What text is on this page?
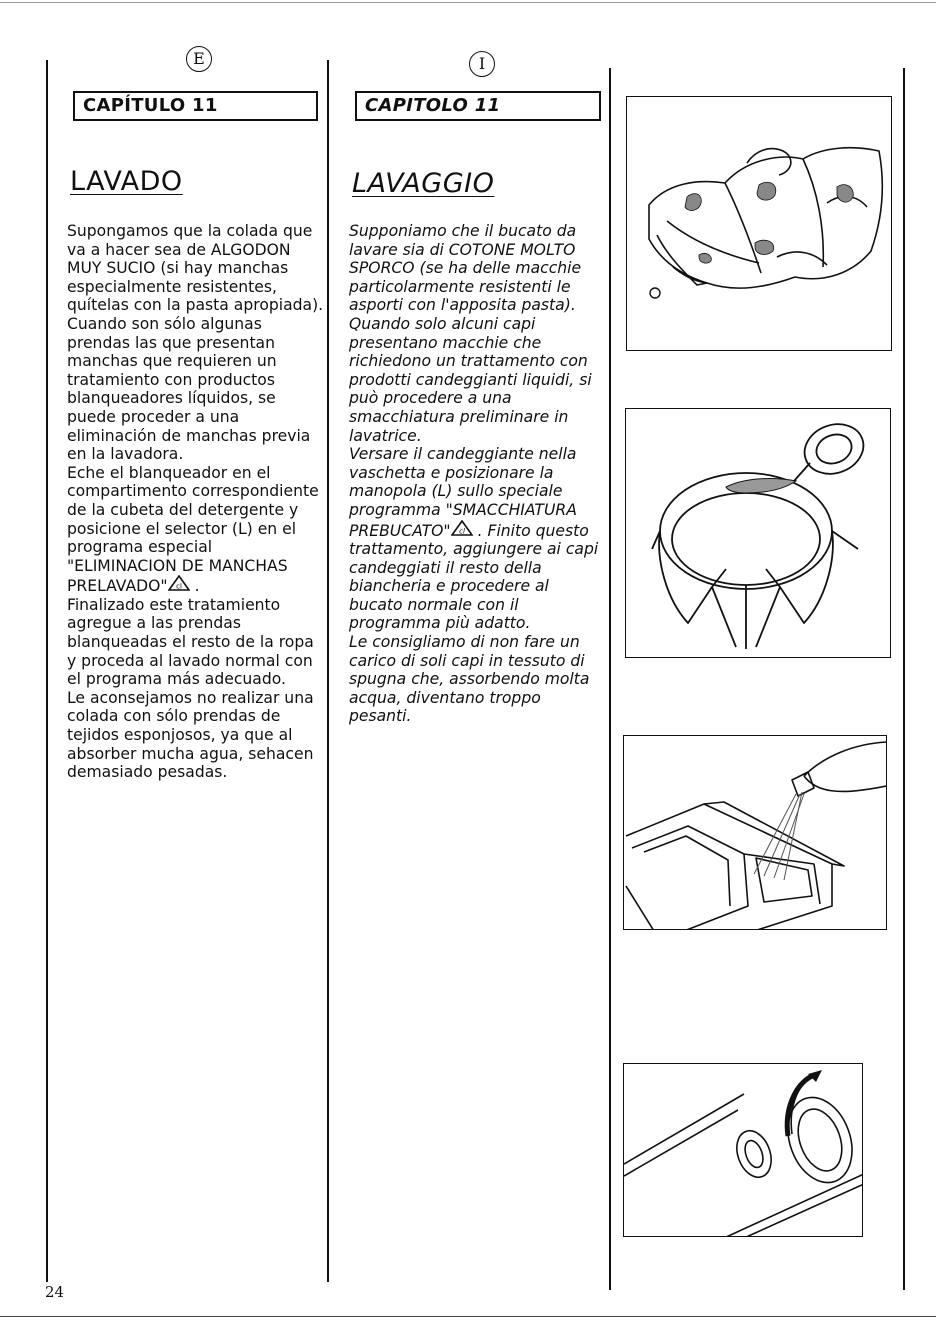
E
CAPÍTULO 11
LAVADO
I
CAPITOLO 11
LAVAGGIO
Supongamos que la colada que va a hacer sea de ALGODON MUY SUCIO (si hay manchas especialmente resistentes, quítelas con la pasta apropiada).
Cuando son sólo algunas prendas las que presentan manchas que requieren un tratamiento con productos blanqueadores líquidos, se puede proceder a una eliminación de manchas previa en la lavadora.
Eche el blanqueador en el compartimento correspondiente de la cubeta del detergente y posicione el selector (L) en el programa especial "ELIMINACION DE MANCHAS PRELAVADO" cl .
Finalizado este tratamiento agregue a las prendas blanqueadas el resto de la ropa y proceda al lavado normal con el programa más adecuado.
Le aconsejamos no realizar una colada con sólo prendas de tejidos esponjosos, ya que al absorber mucha agua, sehacen demasiado pesadas.
Supponiamo che il bucato da lavare sia di COTONE MOLTO SPORCO (se ha delle macchie particolarmente resistenti le asporti con l'apposita pasta).
Quando solo alcuni capi presentano macchie che richiedono un trattamento con prodotti candeggianti liquidi, si può procedere a una smacchiatura preliminare in lavatrice.
Versare il candeggiante nella vaschetta e posizionare la manopola (L) sullo speciale programma "SMACCHIATURA PREBUCATO" cl . Finito questo trattamento, aggiungere ai capi candeggiati il resto della biancheria e procedere al bucato normale con il programma più adatto.
Le consigliamo di non fare un carico di soli capi in tessuto di spugna che, assorbendo molta acqua, diventano troppo pesanti.
24
